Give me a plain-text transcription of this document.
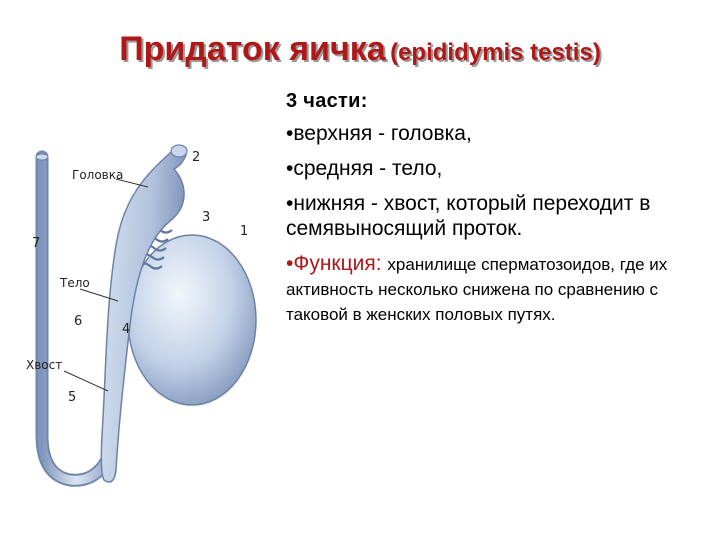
Придаток яичка (epididymis testis)
Головка
Тело
Хвост
1
2
3
4
5
6
7
3 части:
•верхняя - головка,
•средняя - тело,
•нижняя - хвост, который переходит в семявыносящий проток.
•Функция: хранилище сперматозоидов, где их активность несколько снижена по сравнению с таковой в женских половых путях.
